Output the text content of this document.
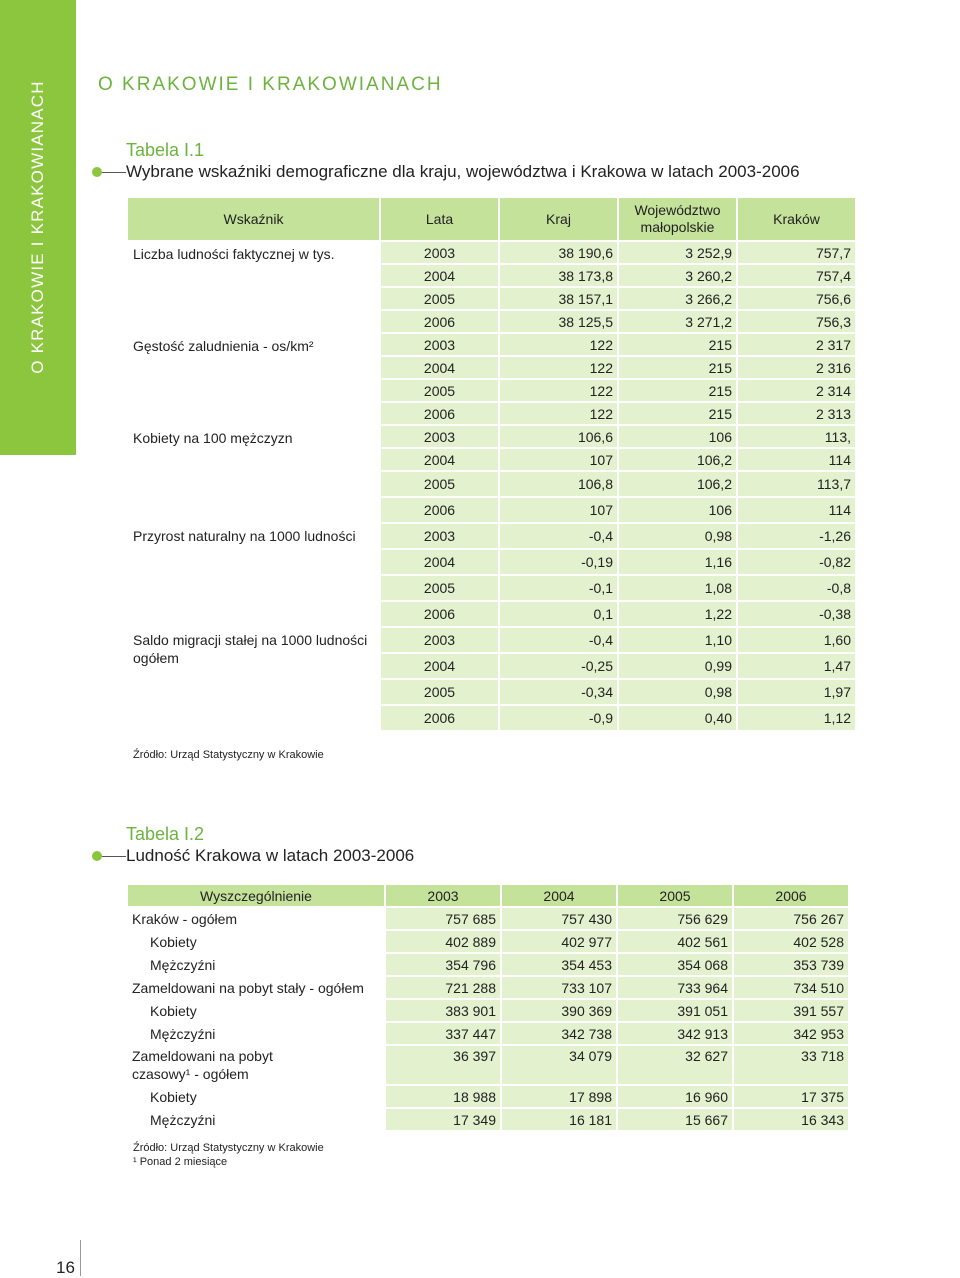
O KRAKOWIE I KRAKOWIANACH	O KRAKOWIE I KRAKOWIANACH
Tabela I.1
Wybrane wskaźniki demograficzne dla kraju, województwa i Krakowa w latach 2003-2006
Wskaźnik	Lata	Kraj	Województwo małopolskie	Kraków
Liczba ludności faktycznej w tys.	2003	38 190,6	3 252,9	757,7
	2004	38 173,8	3 260,2	757,4
	2005	38 157,1	3 266,2	756,6
	2006	38 125,5	3 271,2	756,3
Gęstość zaludnienia - os/km²	2003	122	215	2 317
	2004	122	215	2 316
	2005	122	215	2 314
	2006	122	215	2 313
Kobiety na 100 mężczyzn	2003	106,6	106	113,
	2004	107	106,2	114
	2005	106,8	106,2	113,7
	2006	107	106	114
Przyrost naturalny na 1000 ludności	2003	-0,4	0,98	-1,26
	2004	-0,19	1,16	-0,82
	2005	-0,1	1,08	-0,8
	2006	0,1	1,22	-0,38
Saldo migracji stałej na 1000 ludności ogółem	2003	-0,4	1,10	1,60
	2004	-0,25	0,99	1,47
	2005	-0,34	0,98	1,97
	2006	-0,9	0,40	1,12
Źródło: Urząd Statystyczny w Krakowie
Tabela I.2
Ludność Krakowa w latach 2003-2006
Wyszczególnienie	2003	2004	2005	2006
Kraków - ogółem	757 685	757 430	756 629	756 267
Kobiety	402 889	402 977	402 561	402 528
Mężczyźni	354 796	354 453	354 068	353 739
Zameldowani na pobyt stały - ogółem	721 288	733 107	733 964	734 510
Kobiety	383 901	390 369	391 051	391 557
Mężczyźni	337 447	342 738	342 913	342 953
Zameldowani na pobyt czasowy¹ - ogółem	36 397	34 079	32 627	33 718
Kobiety	18 988	17 898	16 960	17 375
Mężczyźni	17 349	16 181	15 667	16 343
Źródło: Urząd Statystyczny w Krakowie
¹ Ponad 2 miesiące
16
